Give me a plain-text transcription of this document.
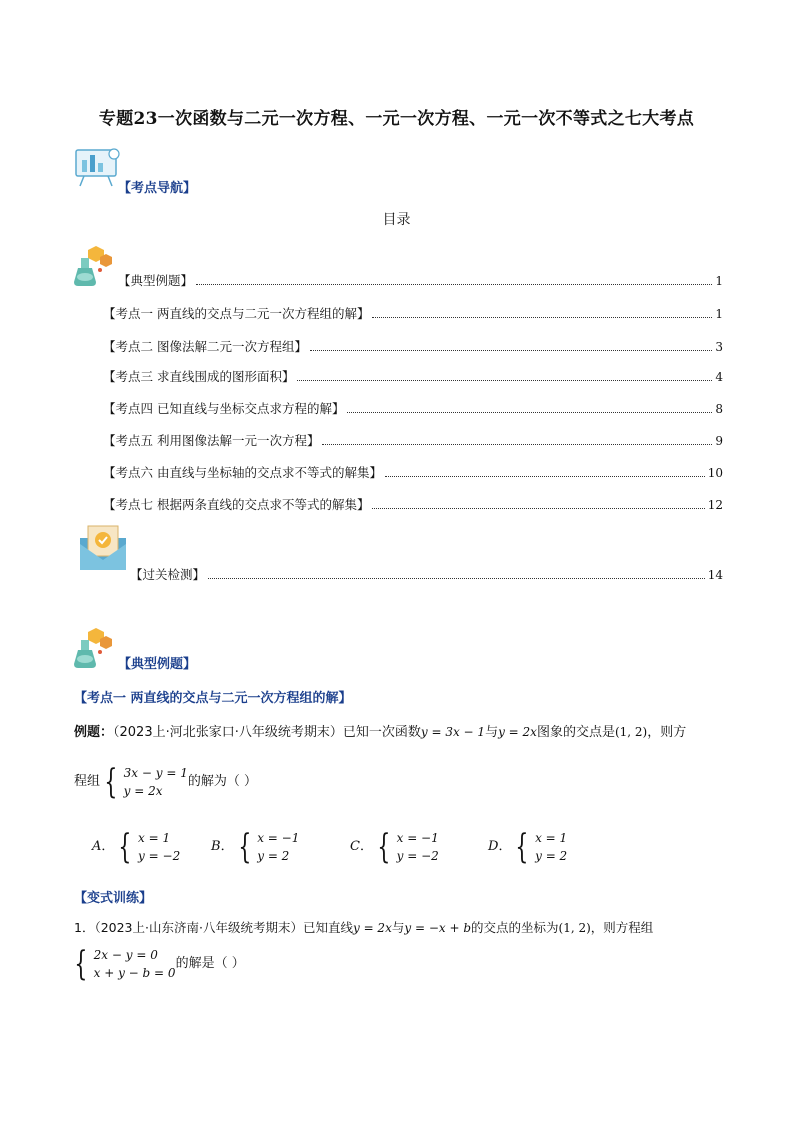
专题23一次函数与二元一次方程、一元一次方程、一元一次不等式之七大考点
【考点导航】
目录
【典型例题】	1
【考点一 两直线的交点与二元一次方程组的解】	1
【考点二 图像法解二元一次方程组】	3
【考点三 求直线围成的图形面积】	4
【考点四 已知直线与坐标交点求方程的解】	8
【考点五 利用图像法解一元一次方程】	9
【考点六 由直线与坐标轴的交点求不等式的解集】	10
【考点七 根据两条直线的交点求不等式的解集】	12
【过关检测】	14
【典型例题】
【考点一 两直线的交点与二元一次方程组的解】
例题：（2023上·河北张家口·八年级统考期末）已知一次函数y = 3x − 1与y = 2x图象的交点是(1, 2)，则方
程组 { 3x − y = 1
y = 2x
的解为（ ）
A ． { x = 1
y = −2
B ． { x = −1
y = 2
C ． { x = −1
y = −2
D ． { x = 1
y = 2
【变式训练】
1．（2023上·山东济南·八年级统考期末）已知直线y = 2x与y = −x + b的交点的坐标为(1, 2)，则方程组
{ 2x − y = 0
x + y − b = 0
的解是（ ）
